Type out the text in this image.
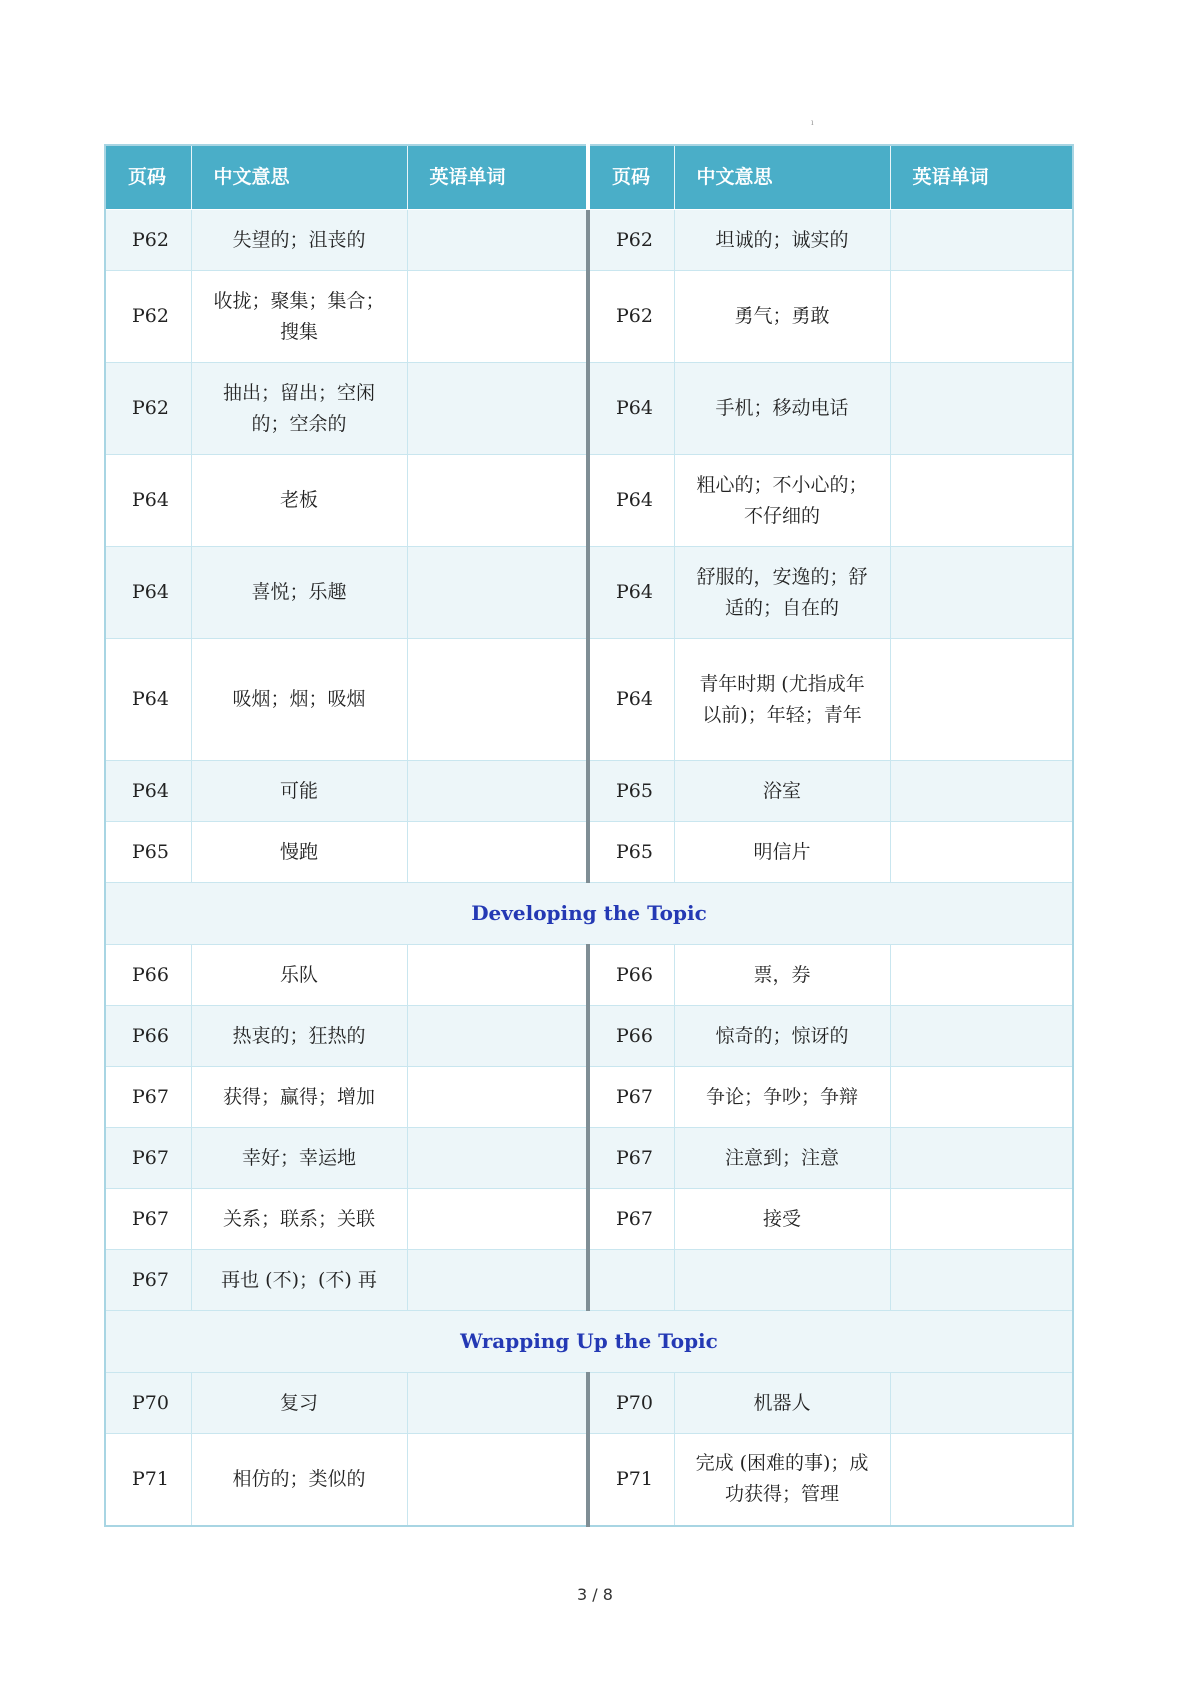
ı
页码	中文意思	英语单词	页码	中文意思	英语单词
P62	失望的；沮丧的		P62	坦诚的；诚实的	
P62	收拢；聚集；集合；搜集		P62	勇气；勇敢	
P62	抽出；留出；空闲的；空余的		P64	手机；移动电话	
P64	老板		P64	粗心的；不小心的；不仔细的	
P64	喜悦；乐趣		P64	舒服的，安逸的；舒适的；自在的	
P64	吸烟；烟；吸烟		P64	青年时期 (尤指成年以前)；年轻；青年	
P64	可能		P65	浴室	
P65	慢跑		P65	明信片	
Developing the Topic					
P66	乐队		P66	票，券	
P66	热衷的；狂热的		P66	惊奇的；惊讶的	
P67	获得；赢得；增加		P67	争论；争吵；争辩	
P67	幸好；幸运地		P67	注意到；注意	
P67	关系；联系；关联		P67	接受	
P67	再也 (不)；(不) 再				
Wrapping Up the Topic					
P70	复习		P70	机器人	
P71	相仿的；类似的		P71	完成 (困难的事)；成功获得；管理	
3 / 8
